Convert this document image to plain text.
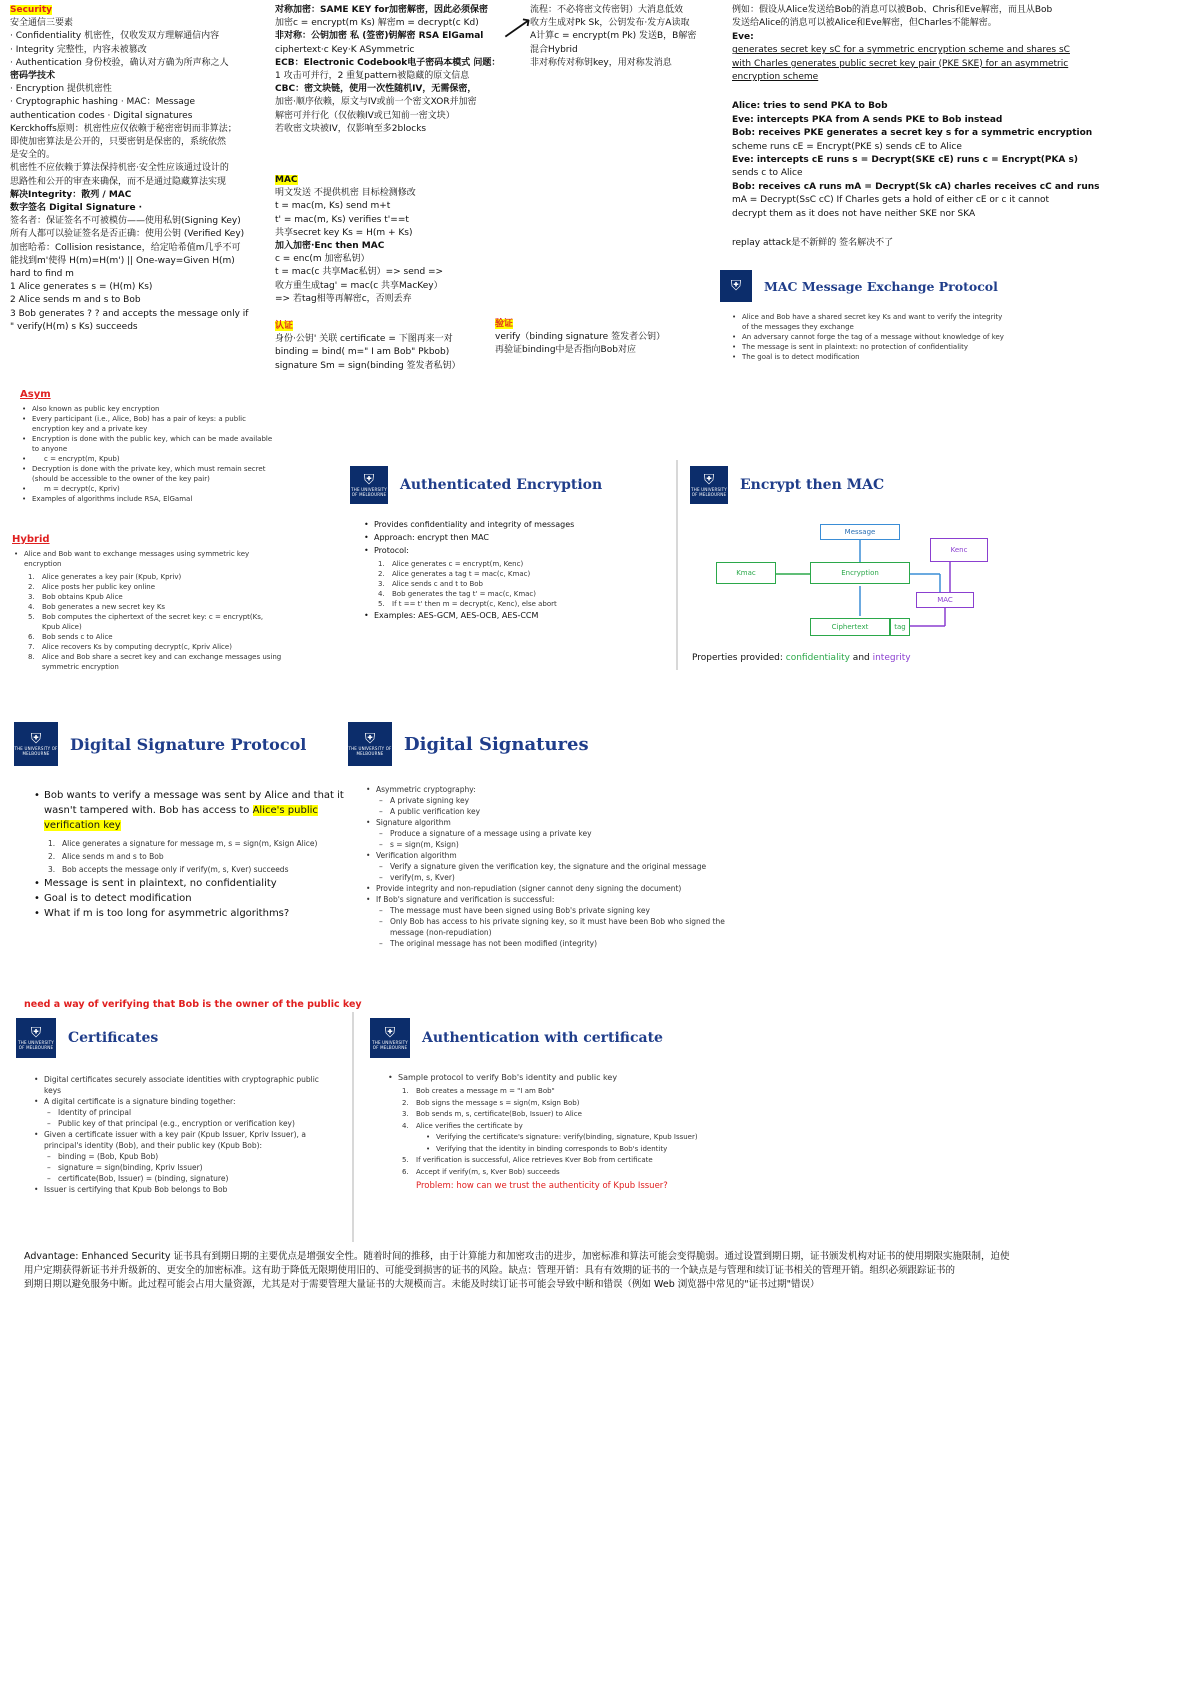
Security

安全通信三要素

· Confidentiality 机密性，仅收发双方理解通信内容

· Integrity 完整性，内容未被篡改

· Authentication 身份校验，确认对方确为所声称之人

密码学技术

· Encryption 提供机密性

· Cryptographic hashing · MAC：Message

authentication codes · Digital signatures

Kerckhoffs原则：机密性应仅依赖于秘密密钥而非算法；

即使加密算法是公开的，只要密钥是保密的，系统依然

是安全的。

机密性不应依赖于算法保持机密·安全性应该通过设计的

思路性和公开的审查来确保，而不是通过隐藏算法实现

解决Integrity：散列 / MAC

数字签名 Digital Signature ·

签名者：保证签名不可被模仿——使用私钥(Signing Key)

所有人都可以验证签名是否正确：使用公钥 (Verified Key)

加密哈希：Collision resistance，给定哈希值m几乎不可

能找到m'使得 H(m)=H(m') || One-way=Given H(m)

hard to find m

1 Alice generates s = (H(m) Ks)

2 Alice sends m and s to Bob

3 Bob generates ? ? and accepts the message only if

" verify(H(m) s Ks) succeeds

对称加密：SAME KEY for加密解密，因此必须保密

加密c = encrypt(m Ks) 解密m = decrypt(c Kd)

非对称：公钥加密 私 (签密)钥解密 RSA ElGamal

ciphertext·c Key·K ASymmetric

ECB：Electronic Codebook电子密码本模式 问题：

1 攻击可并行，2 重复pattern被隐藏的原文信息

CBC：密文块链，使用一次性随机IV，无需保密，

加密·顺序依赖，原文与IV或前一个密文XOR并加密

解密可并行化（仅依赖IV或已知前一密文块）

若收密文块被IV，仅影响至多2blocks

MAC

明文发送 不提供机密 目标检测修改

t = mac(m, Ks) send m+t

t' = mac(m, Ks) verifies t'==t

共享secret key Ks = H(m + Ks)

加入加密·Enc then MAC

c = enc(m 加密私钥）

t = mac(c 共享Mac私钥）=> send =>

收方重生成tag' = mac(c 共享MacKey）

=> 若tag相等再解密c，否则丢弃

认证

身份·公钥' 关联 certificate = 下图再来一对

binding = bind( m=" I am Bob" Pkbob)

signature Sm = sign(binding 签发者私钥）

⟶

流程：不必将密文传密钥）大消息低效

收方生成对Pk Sk，公钥发布·发方A读取

A计算c = encrypt(m Pk) 发送B，B解密

混合Hybrid

非对称传对称钥key，用对称发消息

验证

verify（binding signature 签发者公钥）

再验证binding中是否指向Bob对应

例如：假设从Alice发送给Bob的消息可以被Bob、Chris和Eve解密，而且从Bob

发送给Alice的消息可以被Alice和Eve解密，但Charles不能解密。

Eve:

generates secret key sC for a symmetric encryption scheme and shares sC

with Charles generates public secret key pair (PKE SKE) for an asymmetric

encryption scheme

Alice: tries to send PKA to Bob

Eve: intercepts PKA from A sends PKE to Bob instead

Bob: receives PKE generates a secret key s for a symmetric encryption

scheme runs cE = Encrypt(PKE s) sends cE to Alice

Eve: intercepts cE runs s = Decrypt(SKE cE) runs c = Encrypt(PKA s)

sends c to Alice

Bob: receives cA runs mA = Decrypt(Sk cA) charles receives cC and runs

mA = Decrypt(SsC cC) If Charles gets a hold of either cE or c it cannot

decrypt them as it does not have neither SKE nor SKA

replay attack是不新鲜的 签名解决不了

⛨ MAC Message Exchange Protocol
• Alice and Bob have a shared secret key Ks and want to verify the integrity of the messages they exchange
• An adversary cannot forge the tag of a message without knowledge of key
• The message is sent in plaintext: no protection of confidentiality
• The goal is to detect modification

Asym

• Also known as public key encryption
• Every participant (i.e., Alice, Bob) has a pair of keys: a public encryption key and a private key
• Encryption is done with the public key, which can be made available to anyone
• c = encrypt(m, Kpub)
• Decryption is done with the private key, which must remain secret (should be accessible to the owner of the key pair)
• m = decrypt(c, Kpriv)
• Examples of algorithms include RSA, ElGamal

Hybrid

• Alice and Bob want to exchange messages using symmetric key encryption
1. Alice generates a key pair (Kpub, Kpriv)
2. Alice posts her public key online
3. Bob obtains Kpub Alice
4. Bob generates a new secret key Ks
5. Bob computes the ciphertext of the secret key: c = encrypt(Ks, Kpub Alice)
6. Bob sends c to Alice
7. Alice recovers Ks by computing decrypt(c, Kpriv Alice)
8. Alice and Bob share a secret key and can exchange messages using symmetric encryption
⛨
THE UNIVERSITY OF MELBOURNE
Authenticated Encryption
• Provides confidentiality and integrity of messages
• Approach: encrypt then MAC
• Protocol:
1. Alice generates c = encrypt(m, Kenc)
2. Alice generates a tag t = mac(c, Kmac)
3. Alice sends c and t to Bob
4. Bob generates the tag t' = mac(c, Kmac)
5. If t == t' then m = decrypt(c, Kenc), else abort
• Examples: AES-GCM, AES-OCB, AES-CCM
⛨
THE UNIVERSITY OF MELBOURNE
Encrypt then MAC
Message
Kenc
Kmac	Encryption
MAC
Ciphertext	tag
Properties provided: confidentiality and integrity
⛨
THE UNIVERSITY OF MELBOURNE	Digital Signature Protocol
• Bob wants to verify a message was sent by Alice and that it wasn't tampered with. Bob has access to Alice's public verification key
1. Alice generates a signature for message m, s = sign(m, Ksign Alice)
2. Alice sends m and s to Bob
3. Bob accepts the message only if verify(m, s, Kver) succeeds
• Message is sent in plaintext, no confidentiality
• Goal is to detect modification
• What if m is too long for asymmetric algorithms?
⛨
THE UNIVERSITY OF MELBOURNE	Digital Signatures
• Asymmetric cryptography:
– A private signing key
– A public verification key
• Signature algorithm
– Produce a signature of a message using a private key
– s = sign(m, Ksign)
• Verification algorithm
– Verify a signature given the verification key, the signature and the original message
– verify(m, s, Kver)
• Provide integrity and non-repudiation (signer cannot deny signing the document)
• If Bob's signature and verification is successful:
– The message must have been signed using Bob's private signing key
– Only Bob has access to his private signing key, so it must have been Bob who signed the message (non-repudiation)
– The original message has not been modified (integrity)
need a way of verifying that Bob is the owner of the public key
⛨
THE UNIVERSITY OF MELBOURNE
Certificates
• Digital certificates securely associate identities with cryptographic public keys
• A digital certificate is a signature binding together:
– Identity of principal
– Public key of that principal (e.g., encryption or verification key)
• Given a certificate issuer with a key pair (Kpub Issuer, Kpriv Issuer), a principal's identity (Bob), and their public key (Kpub Bob):
– binding = (Bob, Kpub Bob)
– signature = sign(binding, Kpriv Issuer)
– certificate(Bob, Issuer) = (binding, signature)
• Issuer is certifying that Kpub Bob belongs to Bob
⛨
THE UNIVERSITY OF MELBOURNE
Authentication with certificate
• Sample protocol to verify Bob's identity and public key
1. Bob creates a message m = "I am Bob"
2. Bob signs the message s = sign(m, Ksign Bob)
3. Bob sends m, s, certificate(Bob, Issuer) to Alice
4. Alice verifies the certificate by
• Verifying the certificate's signature: verify(binding, signature, Kpub Issuer)
• Verifying that the identity in binding corresponds to Bob's identity
5. If verification is successful, Alice retrieves Kver Bob from certificate
6. Accept if verify(m, s, Kver Bob) succeeds
Problem: how can we trust the authenticity of Kpub Issuer?

Advantage: Enhanced Security 证书具有到期日期的主要优点是增强安全性。随着时间的推移，由于计算能力和加密攻击的进步，加密标准和算法可能会变得脆弱。通过设置到期日期，证书颁发机构对证书的使用期限实施限制，迫使

用户定期获得新证书并升级新的、更安全的加密标准。这有助于降低无限期使用旧的、可能受到损害的证书的风险。缺点：管理开销：具有有效期的证书的一个缺点是与管理和续订证书相关的管理开销。组织必须跟踪证书的

到期日期以避免服务中断。此过程可能会占用大量资源，尤其是对于需要管理大量证书的大规模而言。未能及时续订证书可能会导致中断和错误（例如 Web 浏览器中常见的"证书过期"错误）
